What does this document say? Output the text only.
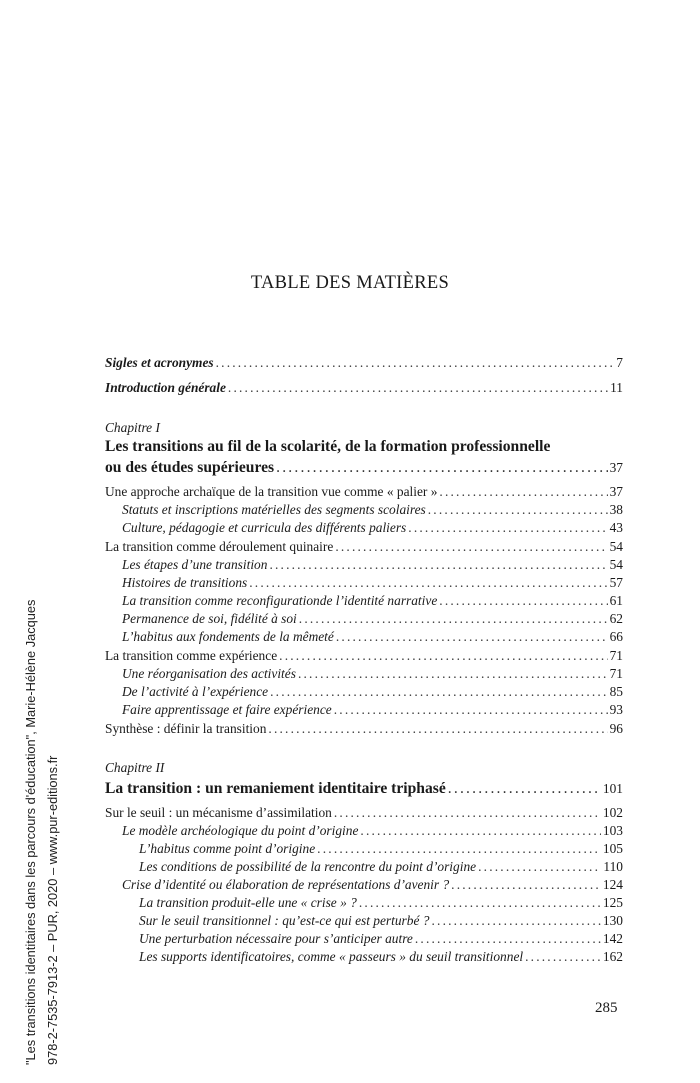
TABLE DES MATIÈRES
Sigles et acronymes .....	7
Introduction générale .....	11
Chapitre I
Les transitions au fil de la scolarité, de la formation professionnelle
ou des études supérieures .....	37
Une approche archaïque de la transition vue comme « palier » .....	37
Statuts et inscriptions matérielles des segments scolaires .....	38
Culture, pédagogie et curricula des différents paliers .....	43
La transition comme déroulement quinaire .....	54
Les étapes d’une transition .....	54
Histoires de transitions .....	57
La transition comme reconfigurationde l’identité narrative .....	61
Permanence de soi, fidélité à soi .....	62
L’habitus aux fondements de la mêmeté .....	66
La transition comme expérience .....	71
Une réorganisation des activités .....	71
De l’activité à l’expérience .....	85
Faire apprentissage et faire expérience .....	93
Synthèse : définir la transition .....	96
Chapitre II
La transition : un remaniement identitaire triphasé .....	101
Sur le seuil : un mécanisme d’assimilation .....	102
Le modèle archéologique du point d’origine .....	103
L’habitus comme point d’origine .....	105
Les conditions de possibilité de la rencontre du point d’origine .....	110
Crise d’identité ou élaboration de représentations d’avenir ? .....	124
La transition produit-elle une « crise » ? .....	125
Sur le seuil transitionnel : qu’est-ce qui est perturbé ? .....	130
Une perturbation nécessaire pour s’anticiper autre .....	142
Les supports identificatoires, comme « passeurs » du seuil transitionnel .....	162
"Les transitions identitaires dans les parcours d'éducation", Marie-Hélène Jacques 978-2-7535-7913-2 – PUR, 2020 – www.pur-editions.fr	285
